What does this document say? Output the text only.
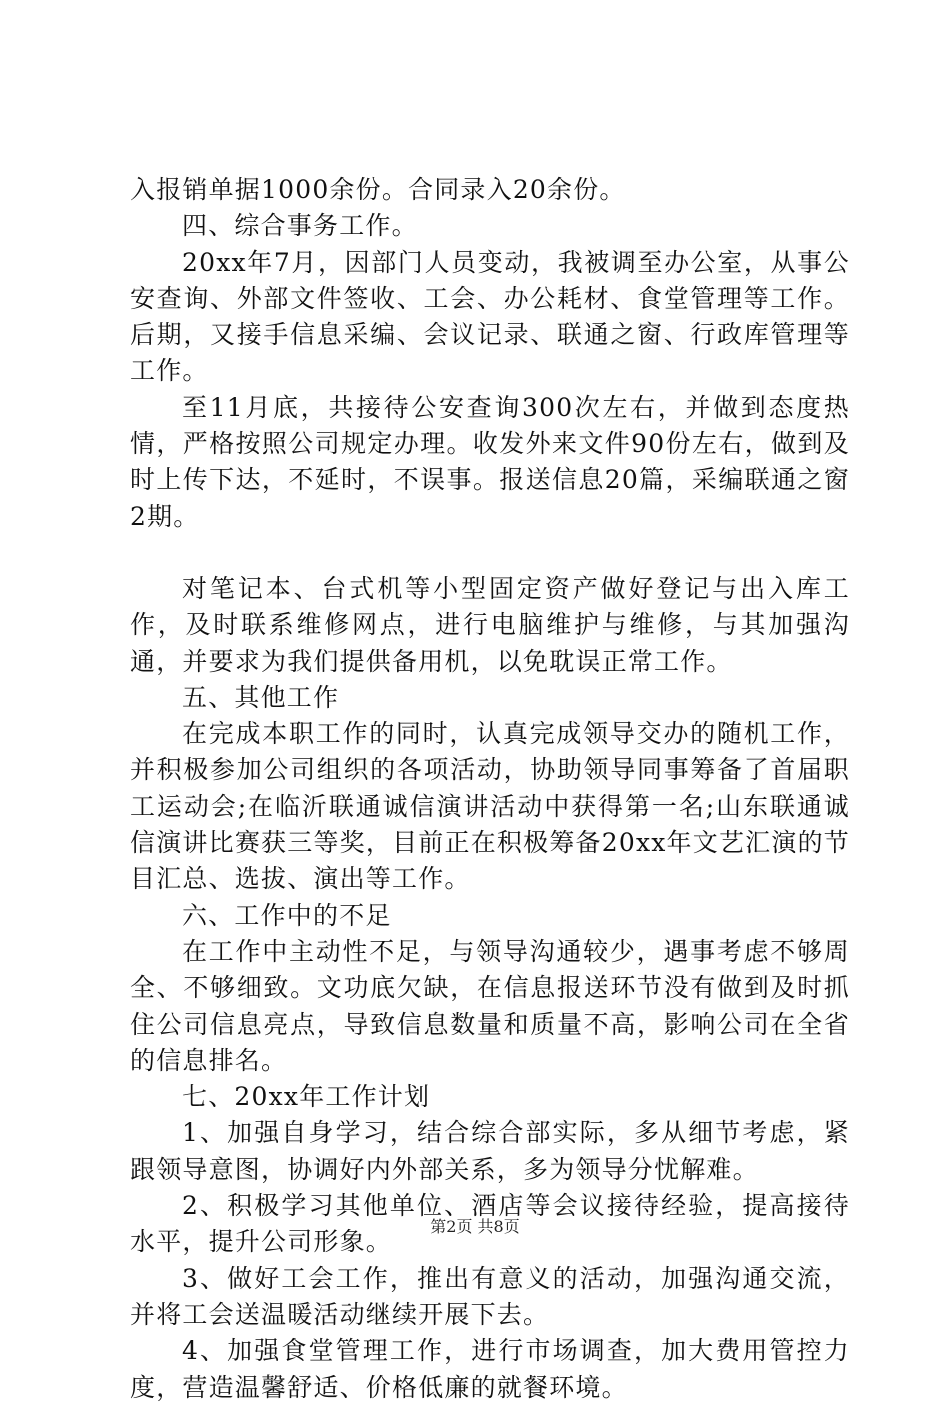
入报销单据1000余份。合同录入20余份。

四、综合事务工作。

20xx年7月，因部门人员变动，我被调至办公室，从事公安查询、外部文件签收、工会、办公耗材、食堂管理等工作。后期，又接手信息采编、会议记录、联通之窗、行政库管理等工作。

至11月底，共接待公安查询300次左右，并做到态度热情，严格按照公司规定办理。收发外来文件90份左右，做到及时上传下达，不延时，不误事。报送信息20篇，采编联通之窗2期。

对笔记本、台式机等小型固定资产做好登记与出入库工作，及时联系维修网点，进行电脑维护与维修，与其加强沟通，并要求为我们提供备用机，以免耽误正常工作。

五、其他工作

在完成本职工作的同时，认真完成领导交办的随机工作，并积极参加公司组织的各项活动，协助领导同事筹备了首届职工运动会;在临沂联通诚信演讲活动中获得第一名;山东联通诚信演讲比赛获三等奖，目前正在积极筹备20xx年文艺汇演的节目汇总、选拔、演出等工作。

六、工作中的不足

在工作中主动性不足，与领导沟通较少，遇事考虑不够周全、不够细致。文功底欠缺，在信息报送环节没有做到及时抓住公司信息亮点，导致信息数量和质量不高，影响公司在全省的信息排名。

七、20xx年工作计划

1、加强自身学习，结合综合部实际，多从细节考虑，紧跟领导意图，协调好内外部关系，多为领导分忧解难。

2、积极学习其他单位、酒店等会议接待经验，提高接待水平，提升公司形象。

3、做好工会工作，推出有意义的活动，加强沟通交流，并将工会送温暖活动继续开展下去。

4、加强食堂管理工作，进行市场调查，加大费用管控力度，营造温馨舒适、价格低廉的就餐环境。

第2页 共8页
